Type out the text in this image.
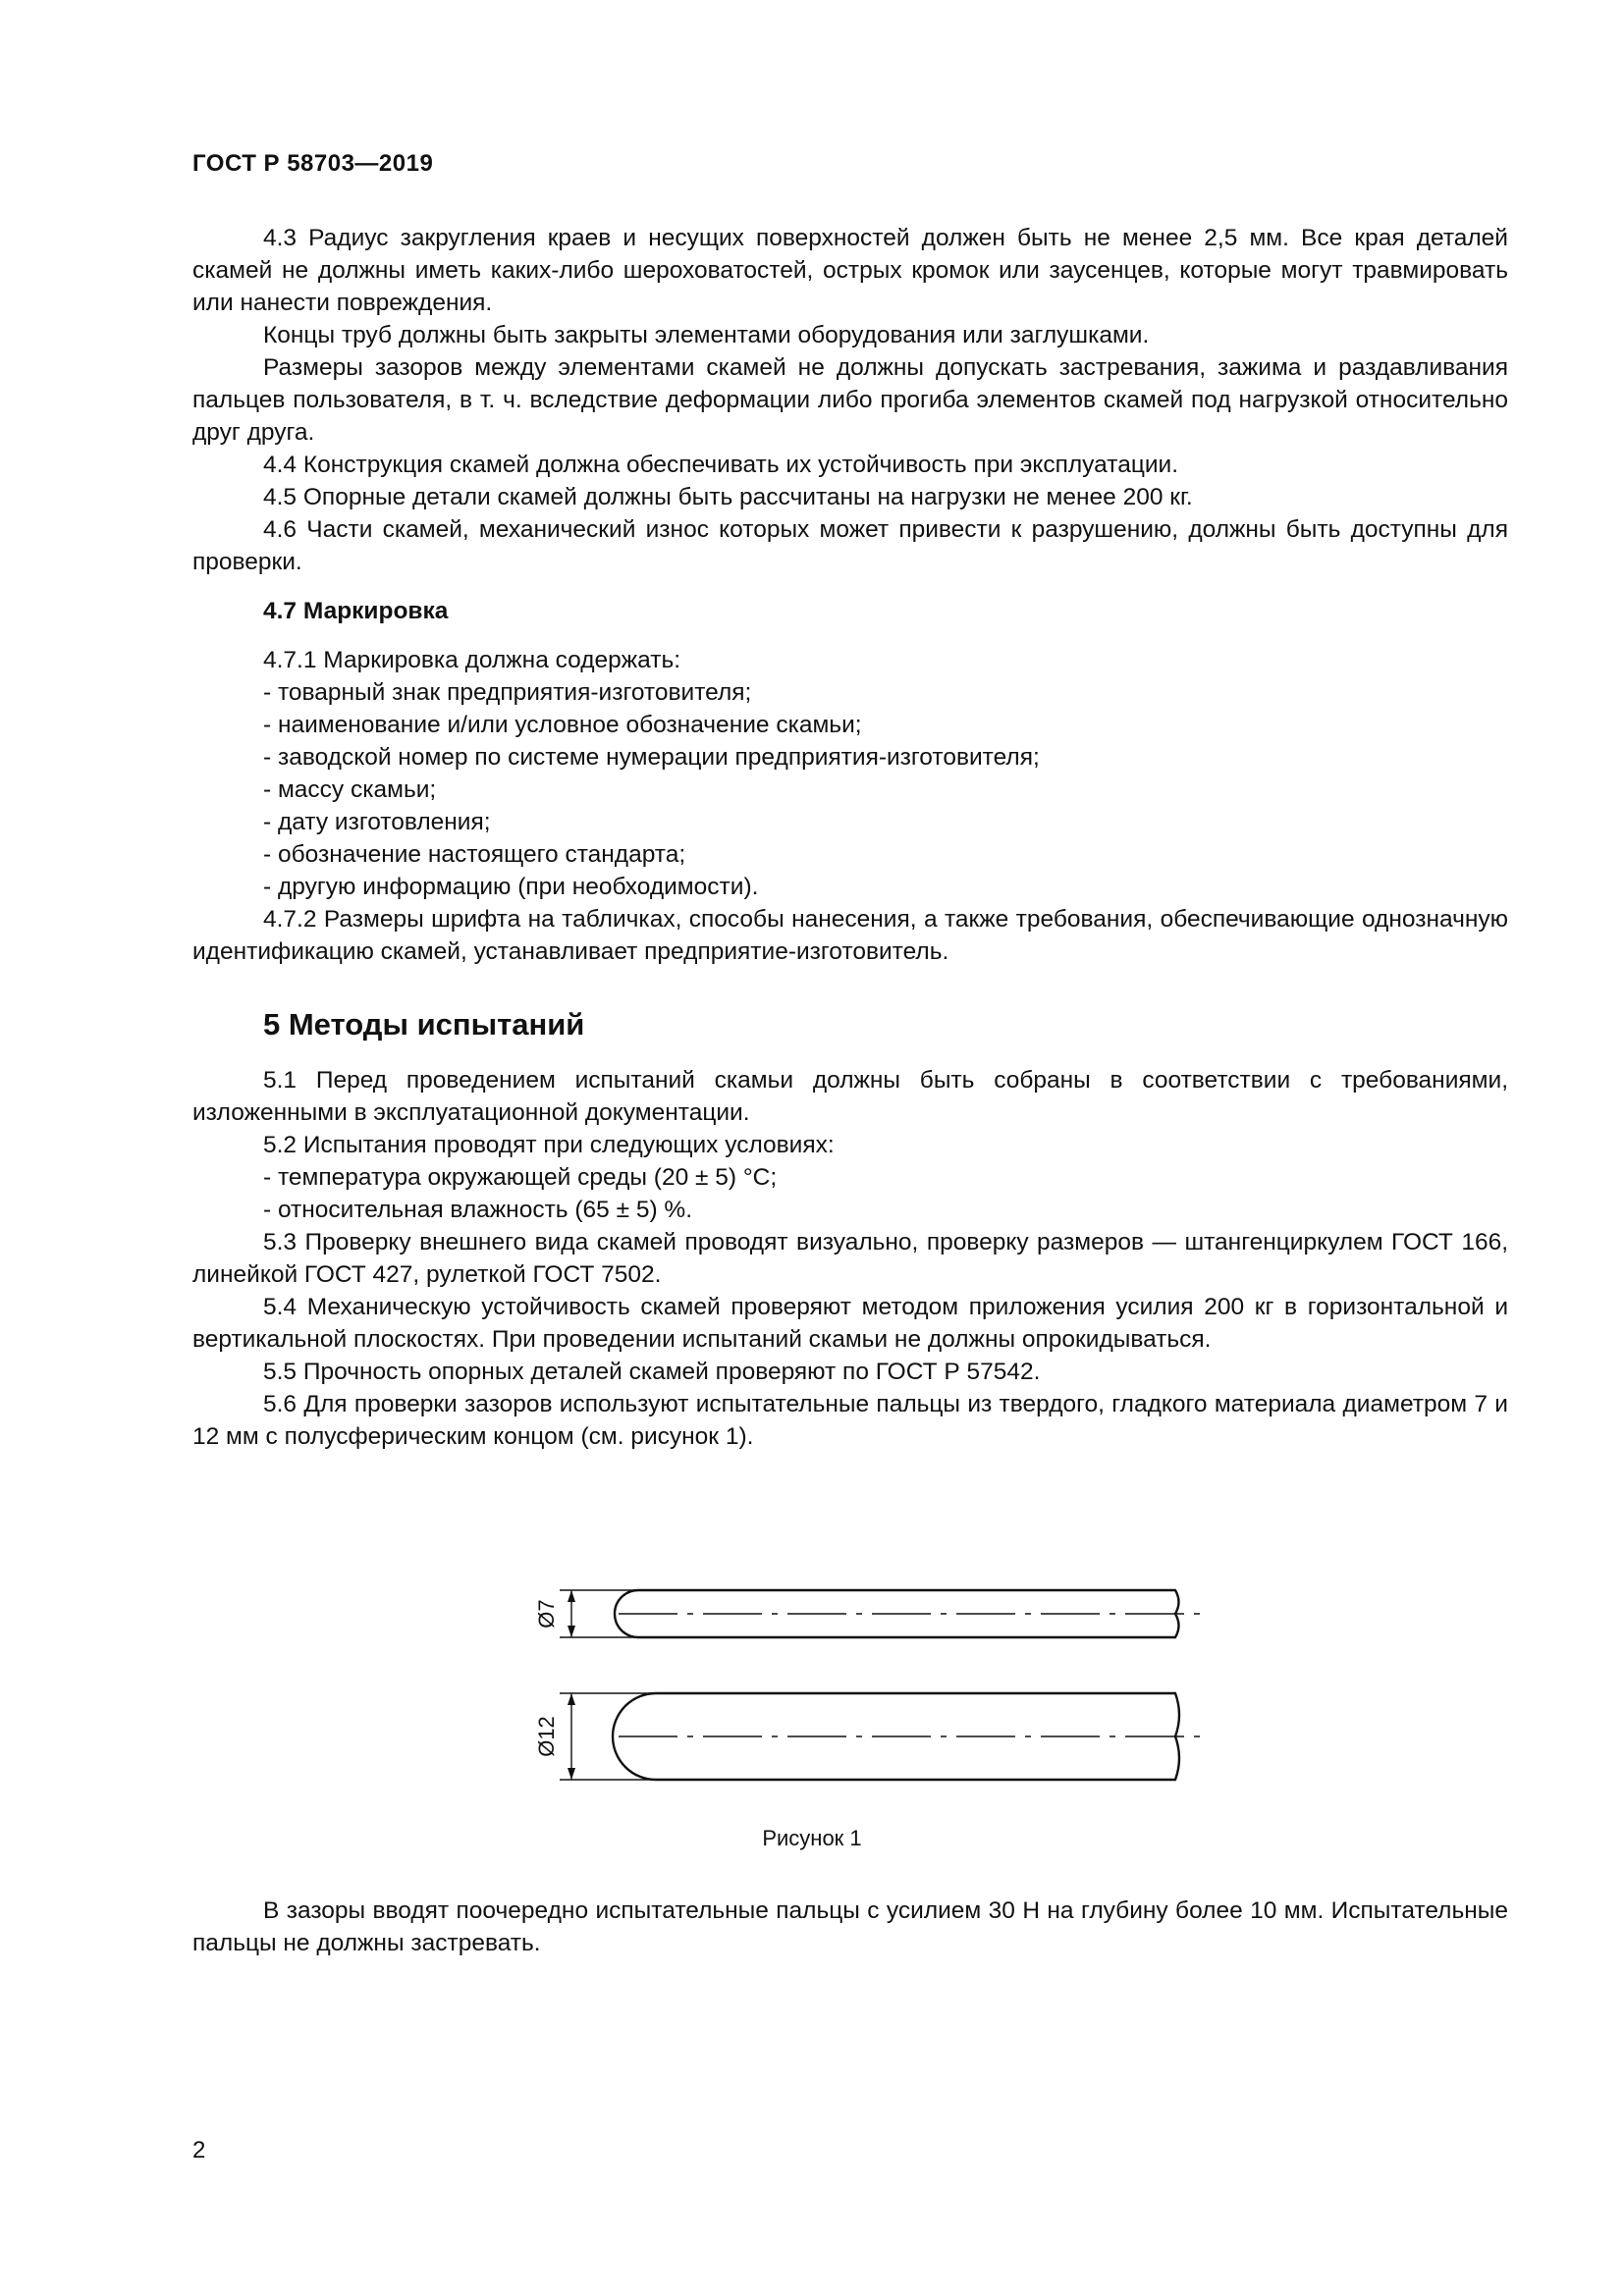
ГОСТ Р 58703—2019

4.3 Радиус закругления краев и несущих поверхностей должен быть не менее 2,5 мм. Все края деталей скамей не должны иметь каких-либо шероховатостей, острых кромок или заусенцев, которые могут травмировать или нанести повреждения.

Концы труб должны быть закрыты элементами оборудования или заглушками.

Размеры зазоров между элементами скамей не должны допускать застревания, зажима и раздавливания пальцев пользователя, в т. ч. вследствие деформации либо прогиба элементов скамей под нагрузкой относительно друг друга.

4.4 Конструкция скамей должна обеспечивать их устойчивость при эксплуатации.

4.5 Опорные детали скамей должны быть рассчитаны на нагрузки не менее 200 кг.

4.6 Части скамей, механический износ которых может привести к разрушению, должны быть доступны для проверки.

4.7 Маркировка

4.7.1 Маркировка должна содержать:

- товарный знак предприятия-изготовителя;

- наименование и/или условное обозначение скамьи;

- заводской номер по системе нумерации предприятия-изготовителя;

- массу скамьи;

- дату изготовления;

- обозначение настоящего стандарта;

- другую информацию (при необходимости).

4.7.2 Размеры шрифта на табличках, способы нанесения, а также требования, обеспечивающие однозначную идентификацию скамей, устанавливает предприятие-изготовитель.

5 Методы испытаний

5.1 Перед проведением испытаний скамьи должны быть собраны в соответствии с требованиями, изложенными в эксплуатационной документации.

5.2 Испытания проводят при следующих условиях:

- температура окружающей среды (20 ± 5) °С;

- относительная влажность (65 ± 5) %.

5.3 Проверку внешнего вида скамей проводят визуально, проверку размеров — штангенциркулем ГОСТ 166, линейкой ГОСТ 427, рулеткой ГОСТ 7502.

5.4 Механическую устойчивость скамей проверяют методом приложения усилия 200 кг в горизонтальной и вертикальной плоскостях. При проведении испытаний скамьи не должны опрокидываться.

5.5 Прочность опорных деталей скамей проверяют по ГОСТ Р 57542.

5.6 Для проверки зазоров используют испытательные пальцы из твердого, гладкого материала диаметром 7 и 12 мм с полусферическим концом (см. рисунок 1).

Ø7
Ø12
Рисунок 1

В зазоры вводят поочередно испытательные пальцы с усилием 30 Н на глубину более 10 мм. Испытательные пальцы не должны застревать.

2
